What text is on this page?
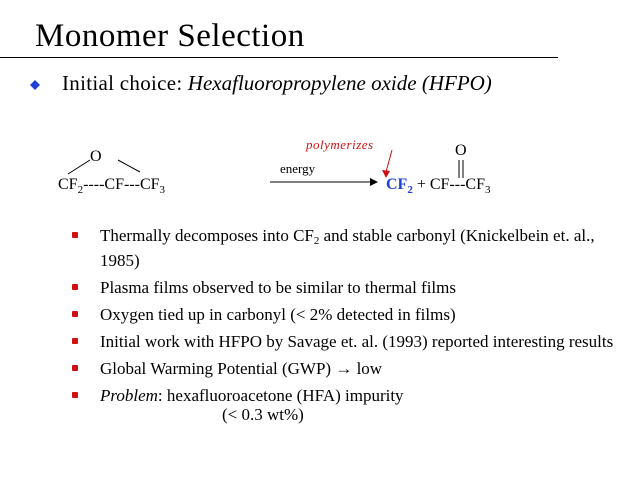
Monomer Selection
Initial choice: Hexafluoropropylene oxide (HFPO)
O
$CF_2----CF---CF_3$
energy
polymerizes
$CF_2 + CF---CF_3$
O
Thermally decomposes into $CF_2$ and stable carbonyl (Knickelbein et. al., 1985)
Plasma films observed to be similar to thermal films
Oxygen tied up in carbonyl (< 2% detected in films)
Initial work with HFPO by Savage et. al. (1993) reported interesting results
Global Warming Potential (GWP) → low
Problem: hexafluoroacetone (HFA) impurity
(< 0.3 wt%)
